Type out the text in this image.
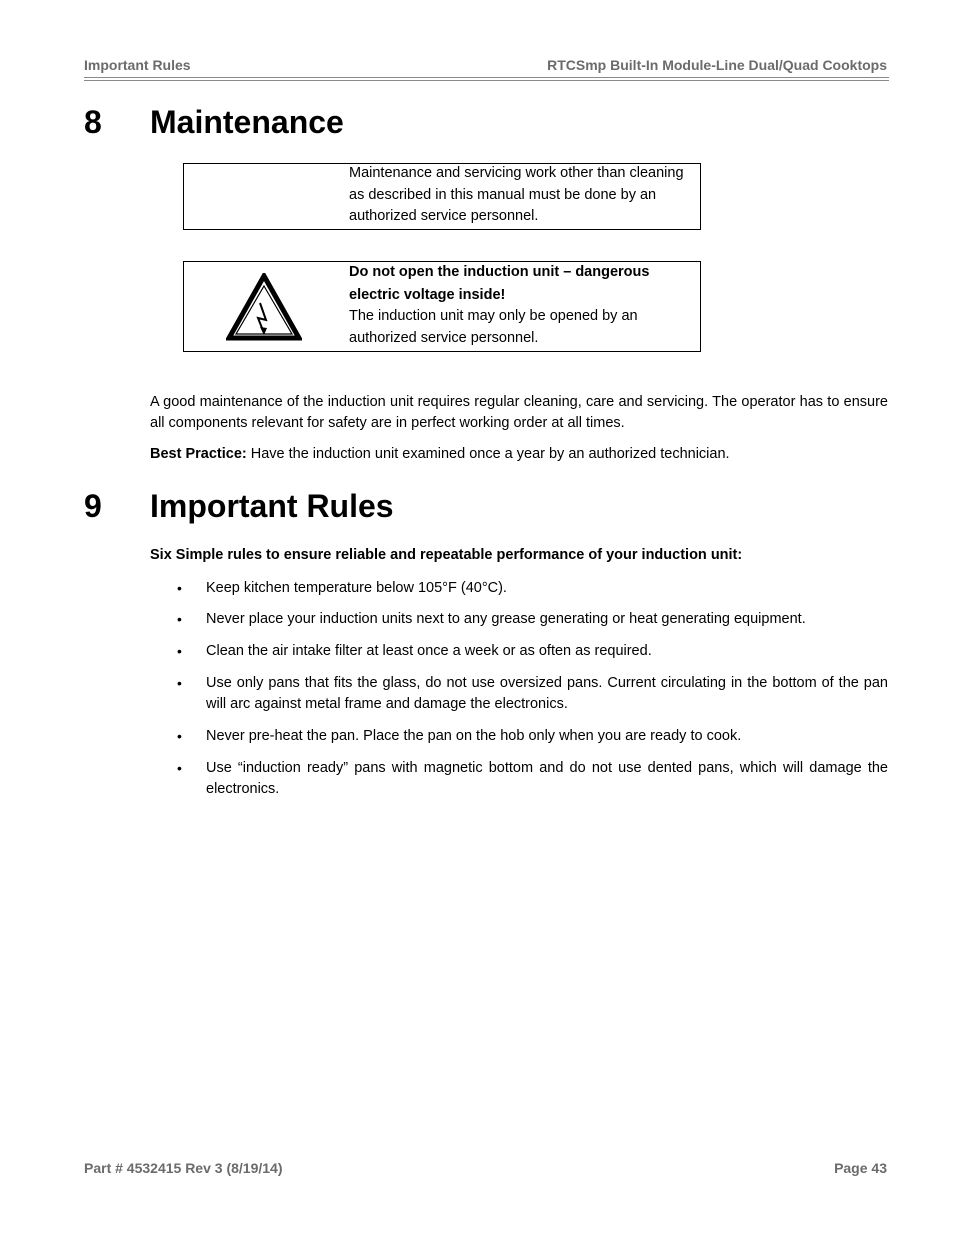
Important Rules	RTCSmp Built-In Module-Line Dual/Quad Cooktops
8 Maintenance
Maintenance and servicing work other than cleaning
as described in this manual must be done by an
authorized service personnel.
Do not open the induction unit – dangerous
electric voltage inside!
The induction unit may only be opened by an
authorized service personnel.
A good maintenance of the induction unit requires regular cleaning, care and servicing. The operator has to ensure all components relevant for safety are in perfect working order at all times.
Best Practice: Have the induction unit examined once a year by an authorized technician.
9 Important Rules
Six Simple rules to ensure reliable and repeatable performance of your induction unit:
• Keep kitchen temperature below 105°F (40°C).
• Never place your induction units next to any grease generating or heat generating equipment.
• Clean the air intake filter at least once a week or as often as required.
• Use only pans that fits the glass, do not use oversized pans. Current circulating in the bottom of the pan will arc against metal frame and damage the electronics.
• Never pre-heat the pan. Place the pan on the hob only when you are ready to cook.
• Use “induction ready” pans with magnetic bottom and do not use dented pans, which will damage the electronics.
Part # 4532415 Rev 3 (8/19/14)	Page 43
